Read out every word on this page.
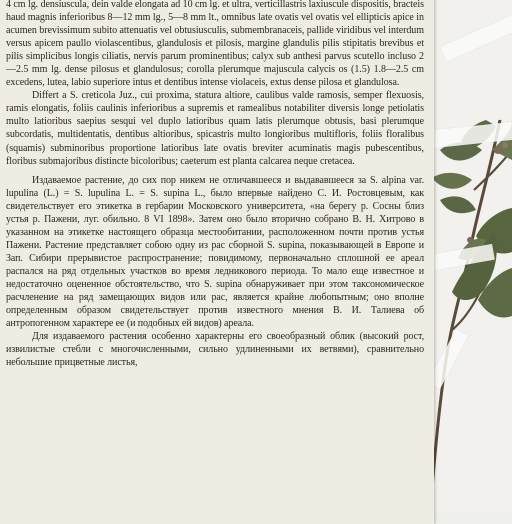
4 cm lg. densiuscula, dein valde elongata ad 10 cm lg. et ultra, verticillastris laxiuscule dispositis, bracteis haud magnis inferioribus 8—12 mm lg., 5—8 mm lt., omnibus late ovatis vel ovatis vel ellipticis apice in acumen brevissimum subito attenuatis vel obtusiusculis, submembranaceis, pallide viridibus vel interdum versus apicem paullo violascentibus, glandulosis et pilosis, margine glandulis pilis stipitatis brevibus et pilis simplicibus longis ciliatis, nervis parum prominentibus; calyx sub anthesi parvus scutello incluso 2—2.5 mm lg. dense pilosus et glandulosus; corolla plerumque majuscula calycis os (1.5) 1.8—2.5 cm excedens, lutea, labio superiore intus et dentibus intense violaceis, extus dense pilosa et glandulosa.

Differt a S. creticola Juz., cui proxima, statura altiore, caulibus valde ramosis, semper flexuosis, ramis elongatis, foliis caulinis inferioribus a supremis et ramealibus notabiliter diversis longe petiolatis multo latioribus saepius sesqui vel duplo latioribus quam latis plerumque obtusis, basi plerumque subcordatis, multidentatis, dentibus altioribus, spicastris multo longioribus multifloris, foliis floralibus (squamis) subminoribus proportione latioribus late ovatis breviter acuminatis magis pubescentibus, floribus submajoribus distincte bicoloribus; caeterum est planta calcarea neque cretacea.

Издаваемое растение, до сих пор никем не отличавшееся и выдававшееся за S. alpina var. lupulina (L.) = S. lupulina L. = S. supina L., было впервые найдено С. И. Ростовцевым, как свидетельствует его этикетка в гербарии Московского университета, «на берегу р. Сосны близ устья р. Пажени, луг. обильно. 8 VI 1898». Затем оно было вторично собрано В. Н. Хитрово в указанном на этикетке настоящего образца местообитании, расположенном почти против устья Пажени. Растение представляет собою одну из рас сборной S. supina, показывающей в Европе и Зап. Сибири прерывистое распространение; повидимому, первоначально сплошной ее ареал распался на ряд отдельных участков во время ледникового периода. То мало еще известное и недостаточно оцененное обстоятельство, что S. supina обнаруживает при этом таксономическое расчленение на ряд замещающих видов или рас, является крайне любопытным; оно вполне определенным образом свидетельствует против известного мнения В. И. Талиева об антропогенном характере ее (и подобных ей видов) ареала.

Для издаваемого растения особенно характерны его своеобразный облик (высокий рост, извилистые стебли с многочисленными, сильно удлиненными их ветвями), сравнительно небольшие прицветные листья,
